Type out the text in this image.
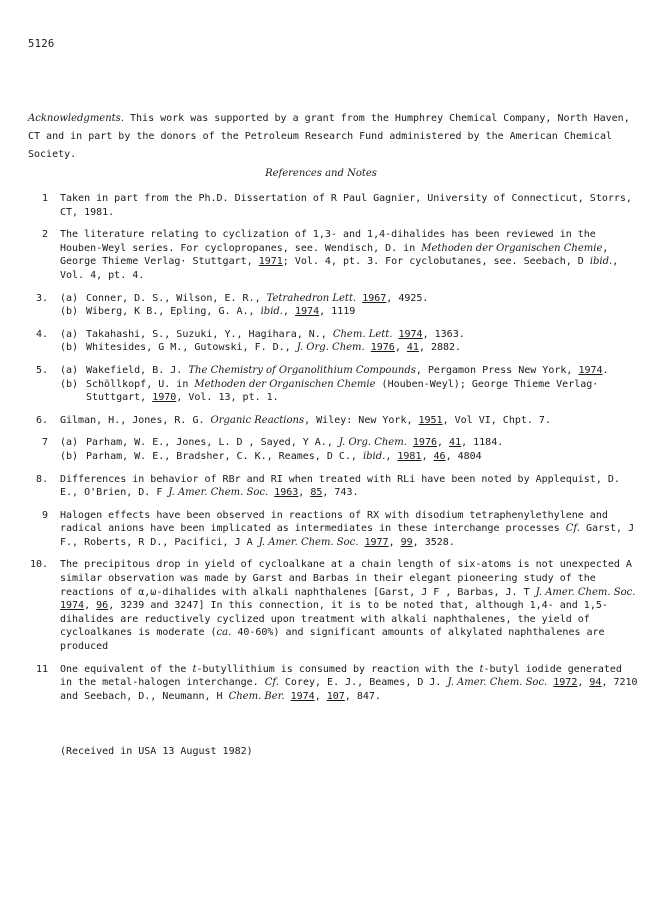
5126
Acknowledgments. This work was supported by a grant from the Humphrey Chemical Company, North Haven, CT and in part by the donors of the Petroleum Research Fund administered by the American Chemical Society.
References and Notes
1	Taken in part from the Ph.D. Dissertation of R Paul Gagnier, University of Connecticut, Storrs, CT, 1981.
2	The literature relating to cyclization of 1,3- and 1,4-dihalides has been reviewed in the Houben-Weyl series. For cyclopropanes, see. Wendisch, D. in Methoden der Organischen Chemie, George Thieme Verlag· Stuttgart, 1971; Vol. 4, pt. 3. For cyclobutanes, see. Seebach, D ibid., Vol. 4, pt. 4.
3.	(a) Conner, D. S., Wilson, E. R., Tetrahedron Lett. 1967, 4925.
(b) Wiberg, K B., Epling, G. A., ibid., 1974, 1119
4.	(a) Takahashi, S., Suzuki, Y., Hagihara, N., Chem. Lett. 1974, 1363.
(b) Whitesides, G M., Gutowski, F. D., J. Org. Chem. 1976, 41, 2882.
5.	(a) Wakefield, B. J. The Chemistry of Organolithium Compounds, Pergamon Press New York, 1974.
(b) Schöllkopf, U. in Methoden der Organischen Chemie (Houben-Weyl); George Thieme Verlag· Stuttgart, 1970, Vol. 13, pt. 1.
6.	Gilman, H., Jones, R. G. Organic Reactions, Wiley: New York, 1951, Vol VI, Chpt. 7.
7	(a) Parham, W. E., Jones, L. D , Sayed, Y A., J. Org. Chem. 1976, 41, 1184.
(b) Parham, W. E., Bradsher, C. K., Reames, D C., ibid., 1981, 46, 4804
8.	Differences in behavior of RBr and RI when treated with RLi have been noted by Applequist, D. E., O'Brien, D. F J. Amer. Chem. Soc. 1963, 85, 743.
9	Halogen effects have been observed in reactions of RX with disodium tetraphenylethylene and radical anions have been implicated as intermediates in these interchange processes Cf. Garst, J F., Roberts, R D., Pacifici, J A J. Amer. Chem. Soc. 1977, 99, 3528.
10.	The precipitous drop in yield of cycloalkane at a chain length of six-atoms is not unexpected A similar observation was made by Garst and Barbas in their elegant pioneering study of the reactions of α,ω-dihalides with alkali naphthalenes [Garst, J F , Barbas, J. T J. Amer. Chem. Soc. 1974, 96, 3239 and 3247] In this connection, it is to be noted that, although 1,4- and 1,5-dihalides are reductively cyclized upon treatment with alkali naphthalenes, the yield of cycloalkanes is moderate (ca. 40-60%) and significant amounts of alkylated naphthalenes are produced
11	One equivalent of the t-butyllithium is consumed by reaction with the t-butyl iodide generated in the metal-halogen interchange. Cf. Corey, E. J., Beames, D J. J. Amer. Chem. Soc. 1972, 94, 7210 and Seebach, D., Neumann, H Chem. Ber. 1974, 107, 847.
(Received in USA 13 August 1982)
